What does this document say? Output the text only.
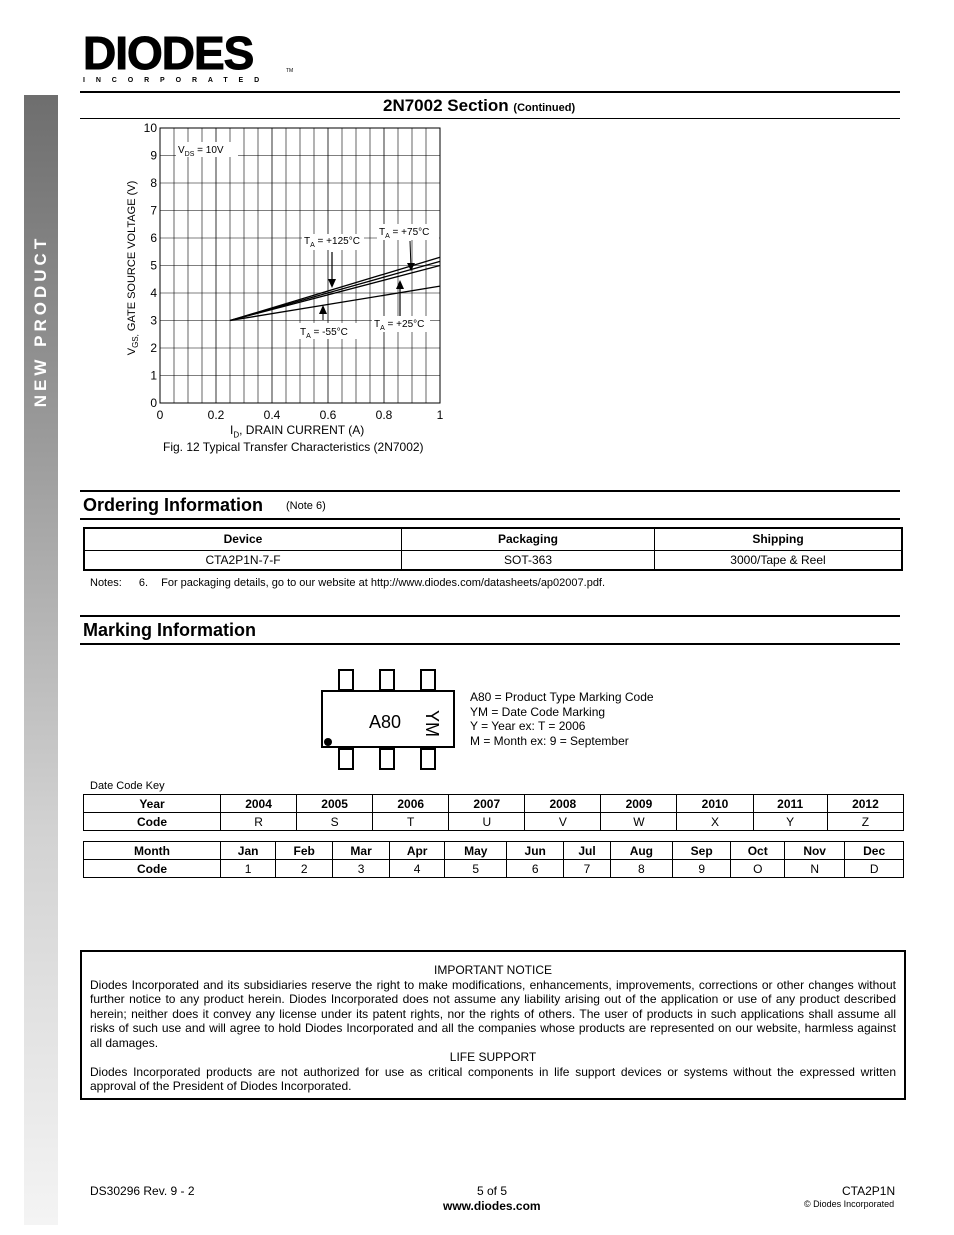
NEW PRODUCT
DIODES
INCORPORATED
TM
2N7002 Section (Continued)
$V_{DS} = 10V$
$T_A = +125^\circ C$
$T_A = +75^\circ C$
$T_A = -55^\circ C$
$T_A = +25^\circ C$
0	0.2	0.4	0.6	0.8	1
0
1
2
3
4
5
6
7
8
9
10
$I_D$, DRAIN CURRENT (A)
$V_{GS,}$ GATE SOURCE VOLTAGE (V)
Fig. 12 Typical Transfer Characteristics (2N7002)
Ordering Information (Note 6)
Device	Packaging	Shipping
CTA2P1N-7-F	SOT-363	3000/Tape & Reel
Notes: 6. For packaging details, go to our website at http://www.diodes.com/datasheets/ap02007.pdf.
Marking Information
A80 YM
A80 = Product Type Marking Code
YM = Date Code Marking
Y = Year ex: T = 2006
M = Month ex: 9 = September
Date Code Key
Year	2004	2005	2006	2007	2008	2009	2010	2011	2012
Code	R	S	T	U	V	W	X	Y	Z
Month	Jan	Feb	Mar	Apr	May	Jun	Jul	Aug	Sep	Oct	Nov	Dec
Code	1	2	3	4	5	6	7	8	9	O	N	D
IMPORTANT NOTICE
Diodes Incorporated and its subsidiaries reserve the right to make modifications, enhancements, improvements, corrections or other changes without further notice to any product herein. Diodes Incorporated does not assume any liability arising out of the application or use of any product described herein; neither does it convey any license under its patent rights, nor the rights of others. The user of products in such applications shall assume all risks of such use and will agree to hold Diodes Incorporated and all the companies whose products are represented on our website, harmless against all damages.
LIFE SUPPORT
Diodes Incorporated products are not authorized for use as critical components in life support devices or systems without the expressed written approval of the President of Diodes Incorporated.
DS30296 Rev. 9 - 2	5 of 5
www.diodes.com
CTA2P1N
© Diodes Incorporated
